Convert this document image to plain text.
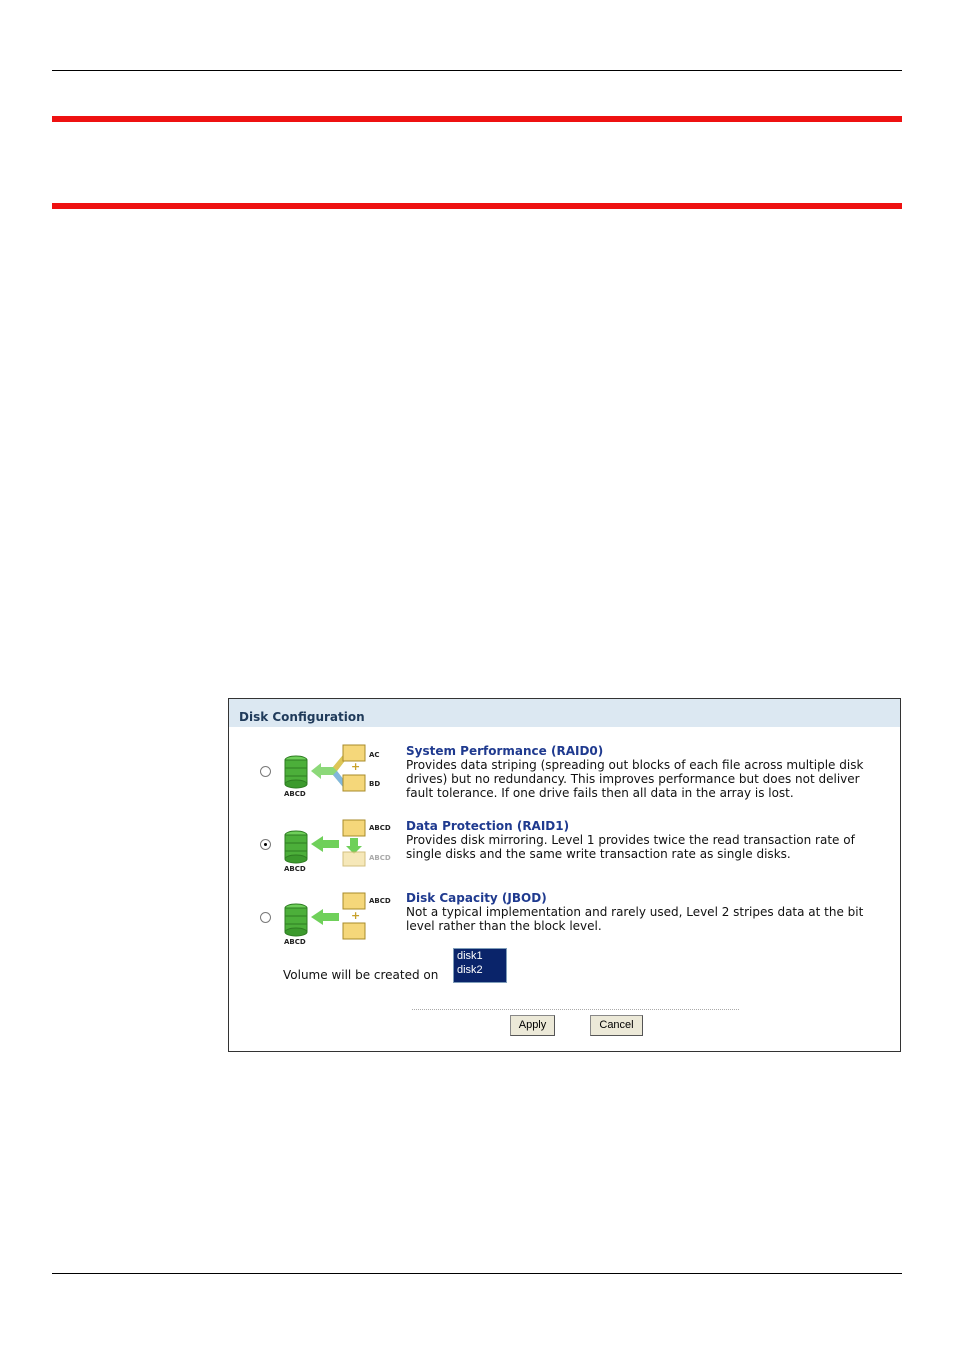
Disk Configuration
ABCD
+
AC
BD
System Performance (RAID0)
Provides data striping (spreading out blocks of each file across multiple disk drives) but no redundancy. This improves performance but does not deliver fault tolerance. If one drive fails then all data in the array is lost.
ABCD
ABCD
ABCD
Data Protection (RAID1)
Provides disk mirroring. Level 1 provides twice the read transaction rate of single disks and the same write transaction rate as single disks.
ABCD
+
ABCD Disk Capacity (JBOD)
Not a typical implementation and rarely used, Level 2 stripes data at the bit level rather than the block level.
Volume will be created on
disk1
disk2
Apply	Cancel
